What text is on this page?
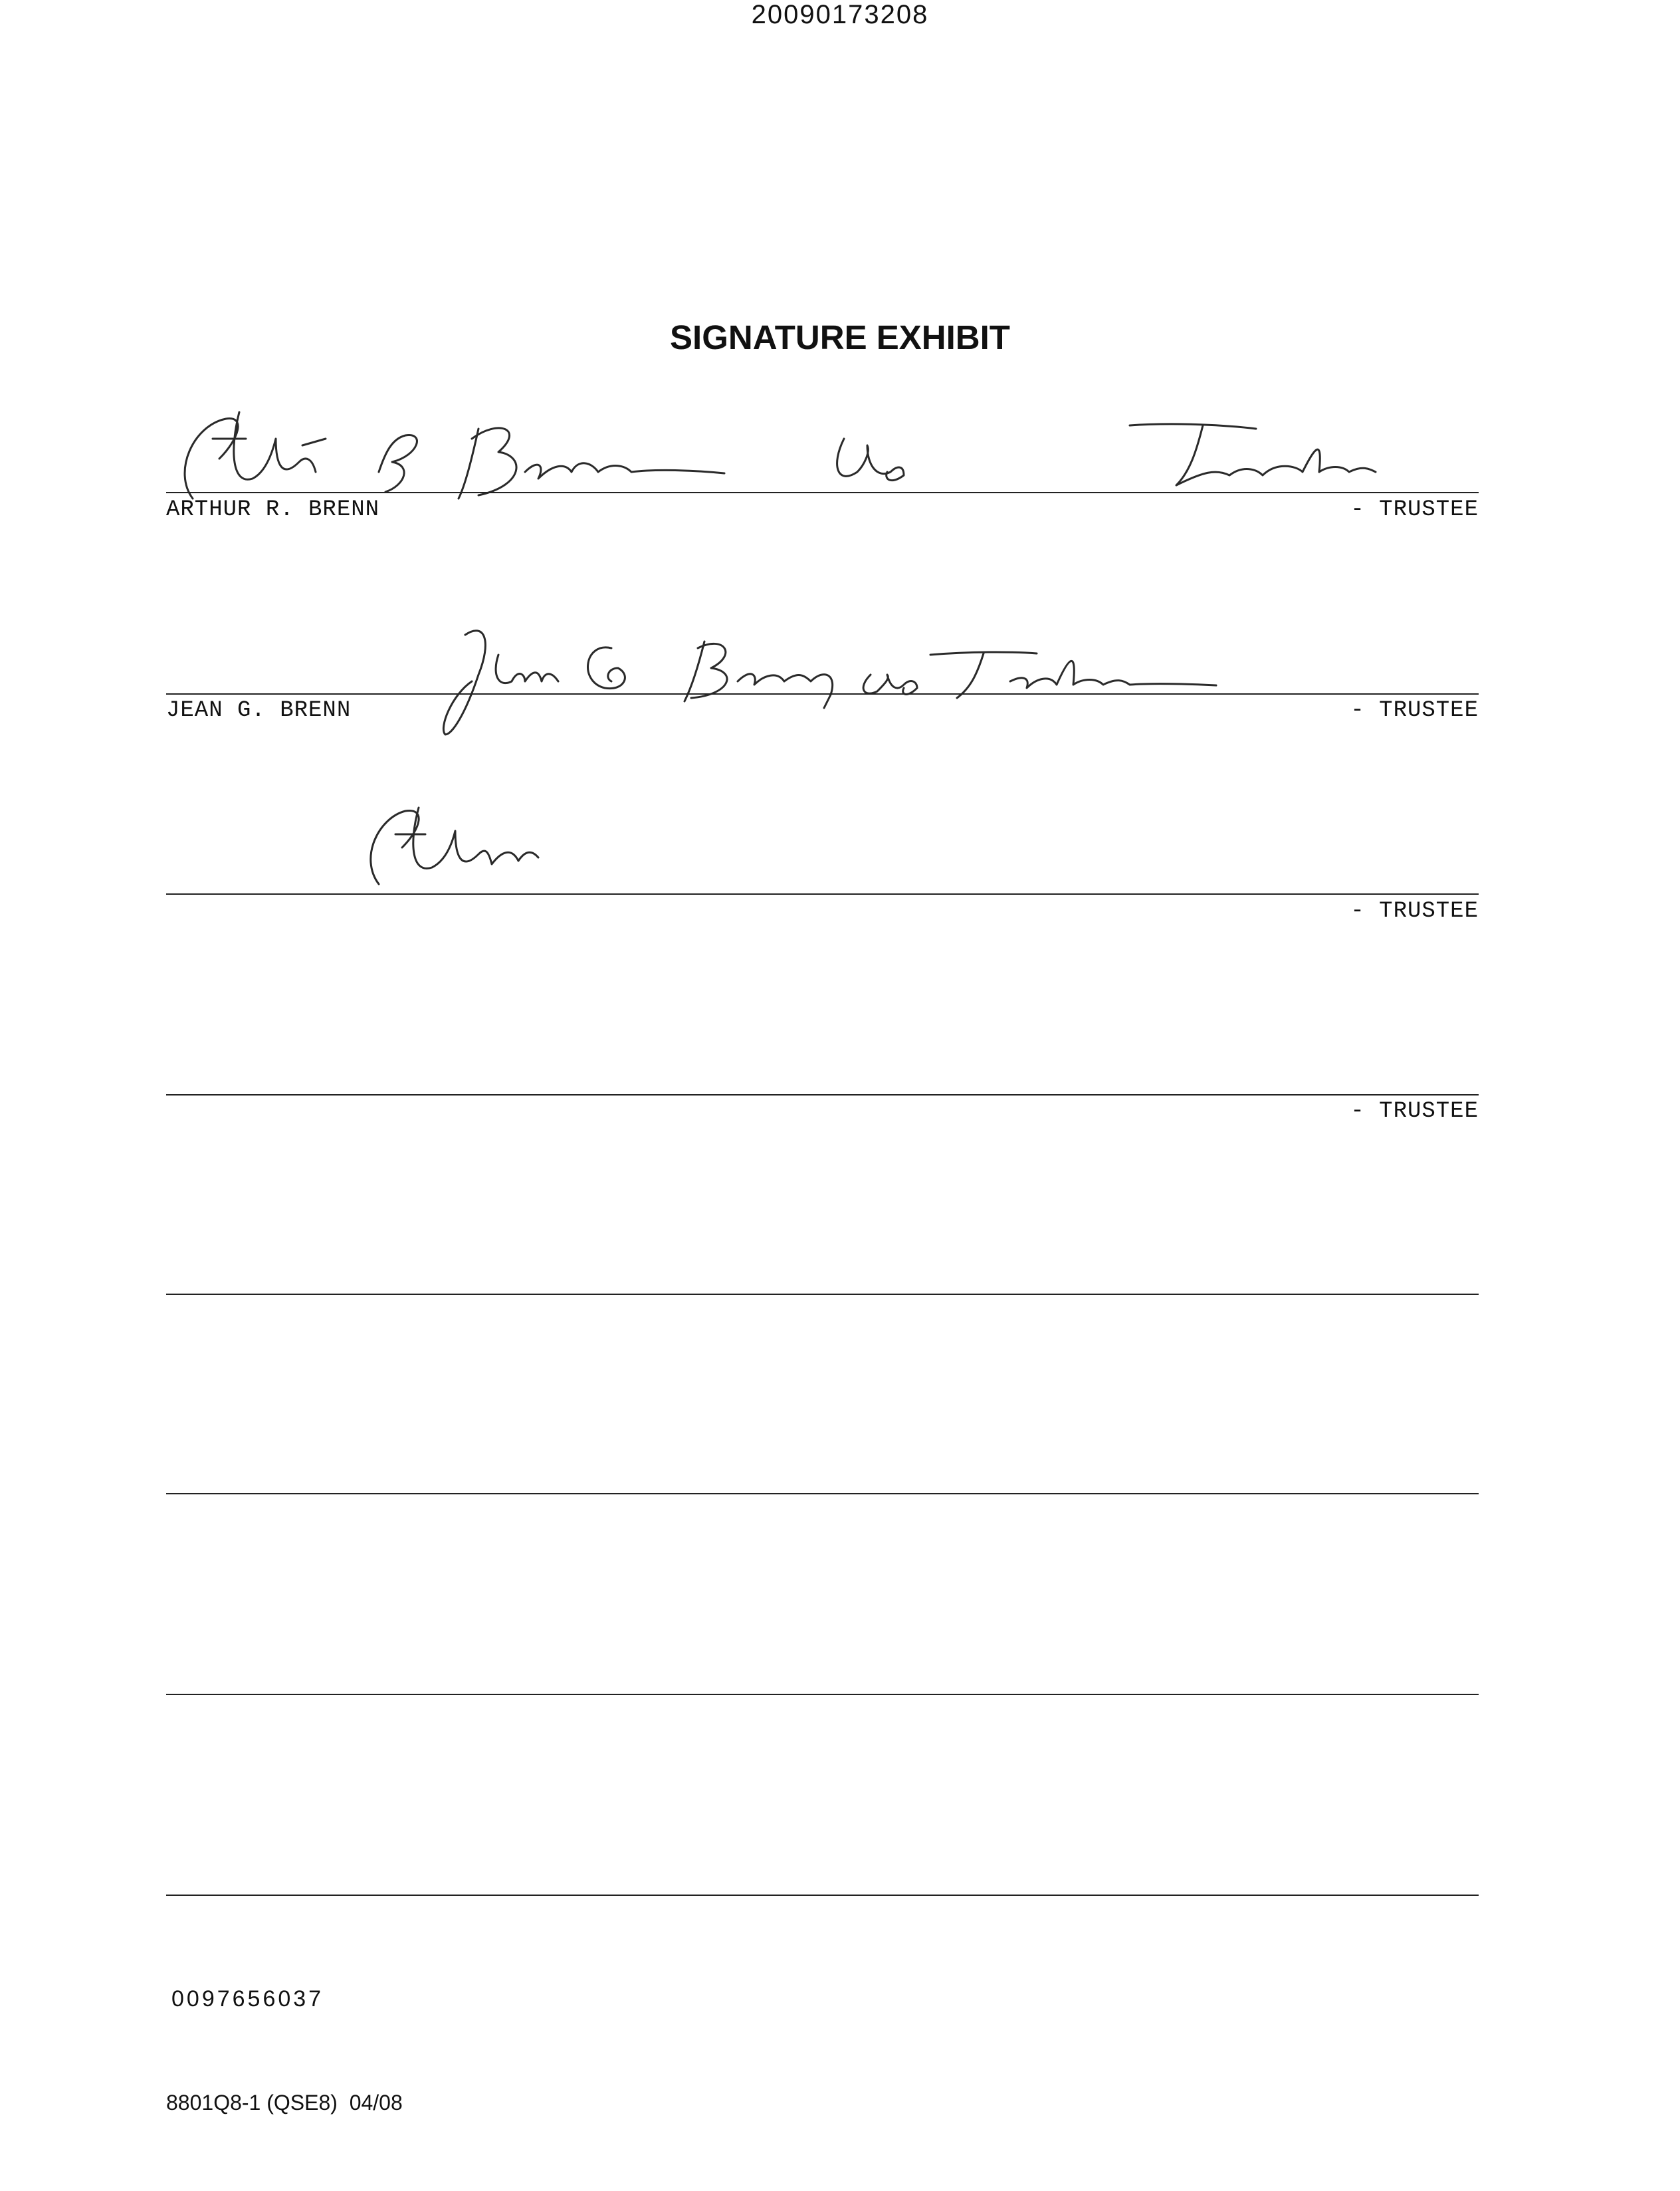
20090173208
SIGNATURE EXHIBIT
ARTHUR R. BRENN	- TRUSTEE
JEAN G. BRENN	- TRUSTEE
- TRUSTEE
- TRUSTEE
0097656037
8801Q8-1 (QSE8)  04/08
